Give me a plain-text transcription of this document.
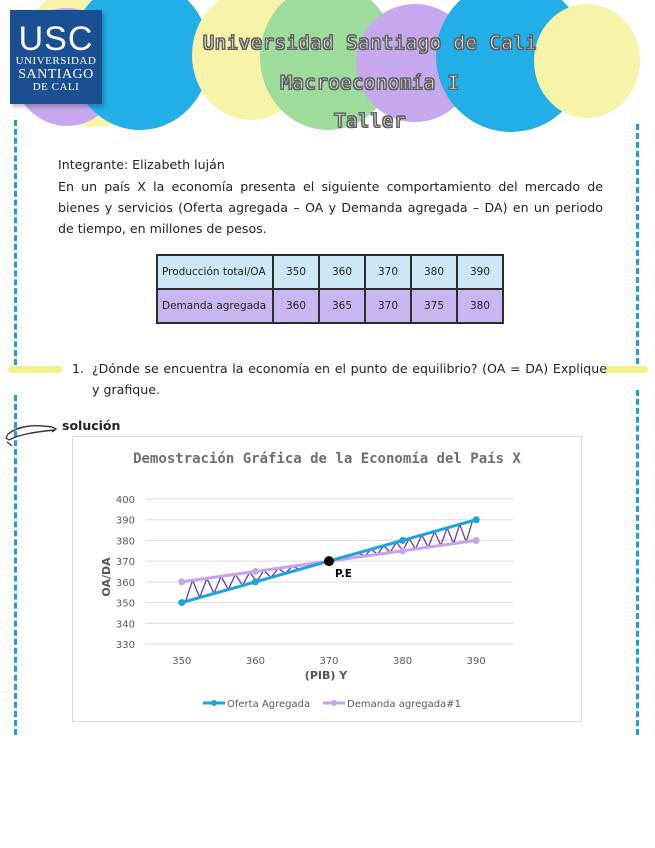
USC
UNIVERSIDAD
SANTIAGO
DE CALI
Universidad Santiago de Cali
Macroeconomía I
Taller
Integrante: Elizabeth luján
En un país X la economía presenta el siguiente comportamiento del mercado de bienes y servicios (Oferta agregada – OA y Demanda agregada – DA) en un periodo de tiempo, en millones de pesos.
Producción total/OA	350	360	370	380	390
Demanda agregada	360	365	370	375	380
1. ¿Dónde se encuentra la economía en el punto de equilibrio? (OA = DA) Explique y grafique.
solución
Demostración Gráfica de la Economía del País X
330
340
350
360
370
380
390
400
350	360	370	380	390
P.E
OA/DA
(PIB) Y
Oferta Agregada	Demanda agregada#1
